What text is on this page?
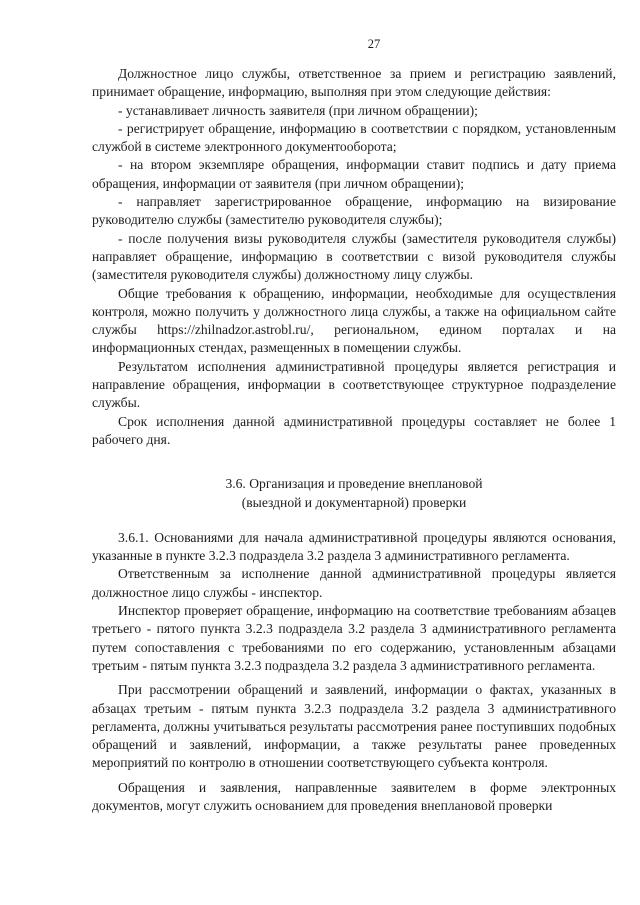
27

Должностное лицо службы, ответственное за прием и регистрацию заявлений, принимает обращение, информацию, выполняя при этом следующие действия:

- устанавливает личность заявителя (при личном обращении);

- регистрирует обращение, информацию в соответствии с порядком, установленным службой в системе электронного документооборота;

- на втором экземпляре обращения, информации ставит подпись и дату приема обращения, информации от заявителя (при личном обращении);

- направляет зарегистрированное обращение, информацию на визирование руководителю службы (заместителю руководителя службы);

- после получения визы руководителя службы (заместителя руководителя службы) направляет обращение, информацию в соответствии с визой руководителя службы (заместителя руководителя службы) должностному лицу службы.

Общие требования к обращению, информации, необходимые для осуществления контроля, можно получить у должностного лица службы, а также на официальном сайте службы https://zhilnadzor.astrobl.ru/, региональном, едином порталах и на информационных стендах, размещенных в помещении службы.

Результатом исполнения административной процедуры является регистрация и направление обращения, информации в соответствующее структурное подразделение службы.

Срок исполнения данной административной процедуры составляет не более 1 рабочего дня.

3.6. Организация и проведение внеплановой
(выездной и документарной) проверки

3.6.1. Основаниями для начала административной процедуры являются основания, указанные в пункте 3.2.3 подраздела 3.2 раздела 3 административного регламента.

Ответственным за исполнение данной административной процедуры является должностное лицо службы - инспектор.

Инспектор проверяет обращение, информацию на соответствие требованиям абзацев третьего - пятого пункта 3.2.3 подраздела 3.2 раздела 3 административного регламента путем сопоставления с требованиями по его содержанию, установленным абзацами третьим - пятым пункта 3.2.3 подраздела 3.2 раздела 3 административного регламента.

При рассмотрении обращений и заявлений, информации о фактах, указанных в абзацах третьим - пятым пункта 3.2.3 подраздела 3.2 раздела 3 административного регламента, должны учитываться результаты рассмотрения ранее поступивших подобных обращений и заявлений, информации, а также результаты ранее проведенных мероприятий по контролю в отношении соответствующего субъекта контроля.

Обращения и заявления, направленные заявителем в форме электронных документов, могут служить основанием для проведения внеплановой проверки
